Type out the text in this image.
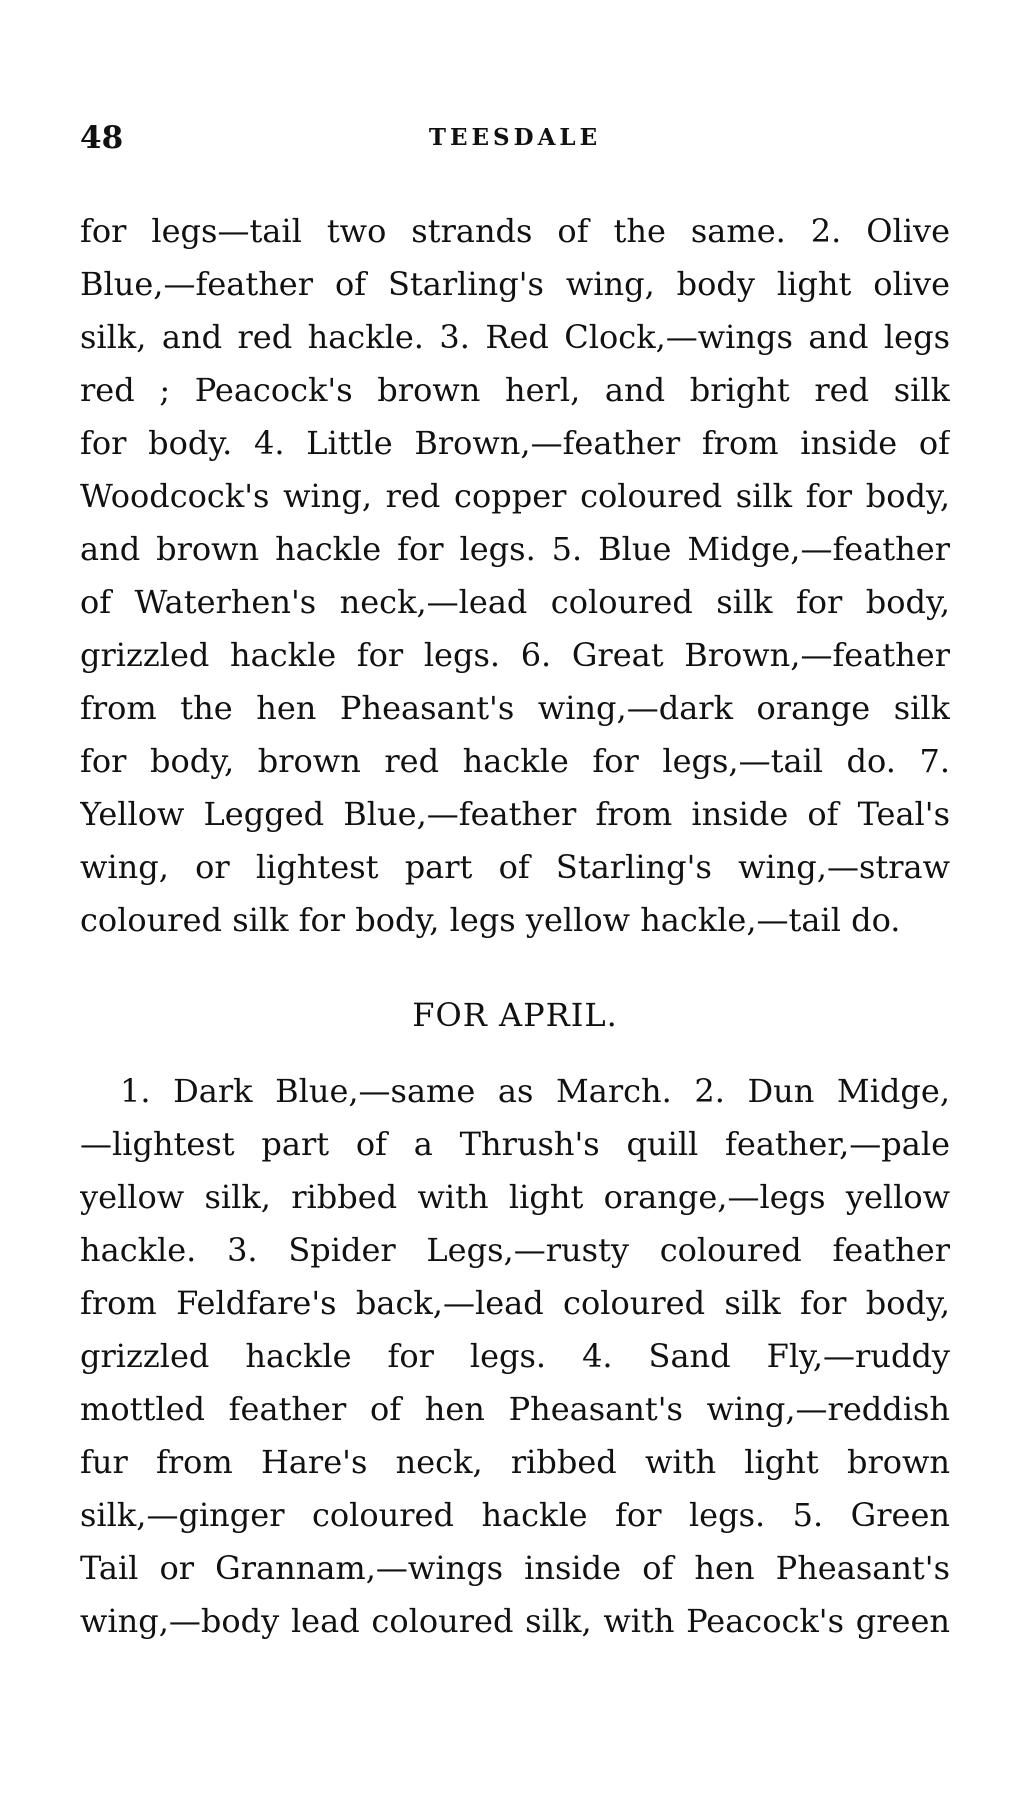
48	TEESDALE
for legs—tail two strands of the same. 2. Olive
Blue,—feather of Starling's wing, body light olive
silk, and red hackle. 3. Red Clock,—wings and legs
red ; Peacock's brown herl, and bright red silk
for body. 4. Little Brown,—feather from inside of
Woodcock's wing, red copper coloured silk for body,
and brown hackle for legs. 5. Blue Midge,—feather
of Waterhen's neck,—lead coloured silk for body,
grizzled hackle for legs. 6. Great Brown,—feather
from the hen Pheasant's wing,—dark orange silk
for body, brown red hackle for legs,—tail do. 7.
Yellow Legged Blue,—feather from inside of Teal's
wing, or lightest part of Starling's wing,—straw
coloured silk for body, legs yellow hackle,—tail do.
FOR APRIL.
1. Dark Blue,—same as March. 2. Dun Midge,
—lightest part of a Thrush's quill feather,—pale
yellow silk, ribbed with light orange,—legs yellow
hackle. 3. Spider Legs,—rusty coloured feather
from Feldfare's back,—lead coloured silk for body,
grizzled hackle for legs. 4. Sand Fly,—ruddy
mottled feather of hen Pheasant's wing,—reddish
fur from Hare's neck, ribbed with light brown
silk,—ginger coloured hackle for legs. 5. Green
Tail or Grannam,—wings inside of hen Pheasant's
wing,—body lead coloured silk, with Peacock's green
